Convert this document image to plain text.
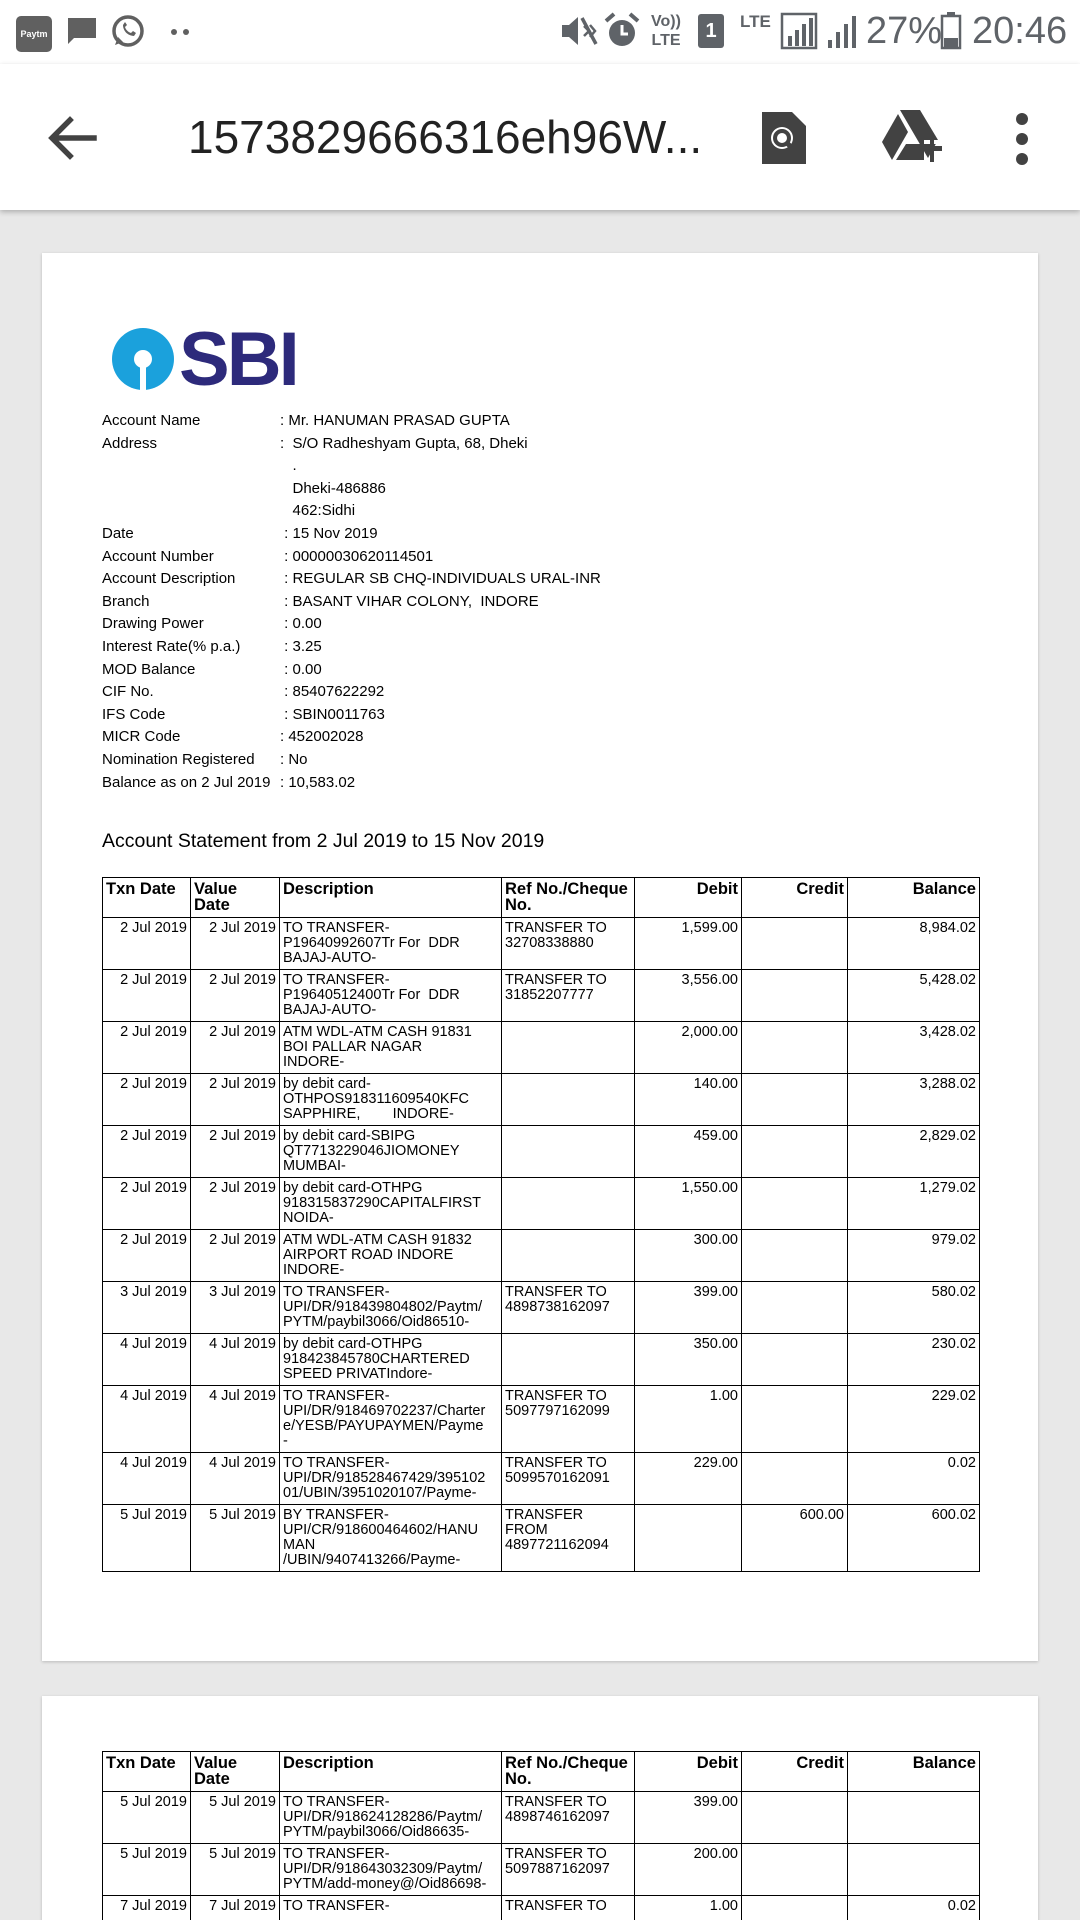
Paytm
Vo)) LTE	1	LTE	27% 20:46
1573829666316eh96W...
SBI
Account Name	: Mr. HANUMAN PRASAD GUPTA
Address	:  S/O Radheshyam Gupta, 68, Dheki
.
Dheki-486886
462:Sidhi
Date	: 15 Nov 2019
Account Number	: 00000030620114501
Account Description	: REGULAR SB CHQ-INDIVIDUALS URAL-INR
Branch	: BASANT VIHAR COLONY,  INDORE
Drawing Power	: 0.00
Interest Rate(% p.a.)	: 3.25
MOD Balance	: 0.00
CIF No.	: 85407622292
IFS Code	: SBIN0011763
MICR Code	: 452002028
Nomination Registered : No
Balance as on 2 Jul 2019 : 10,583.02
Account Statement from 2 Jul 2019 to 15 Nov 2019
Txn Date	Value Date	Description	Ref No./Cheque No.	Debit	Credit	Balance
2 Jul 2019	2 Jul 2019	TO TRANSFER-
P19640992607Tr For  DDR
BAJAJ-AUTO-	TRANSFER TO
32708338880	1,599.00		8,984.02
2 Jul 2019	2 Jul 2019	TO TRANSFER-
P19640512400Tr For  DDR
BAJAJ-AUTO-	TRANSFER TO
31852207777	3,556.00		5,428.02
2 Jul 2019	2 Jul 2019	ATM WDL-ATM CASH 91831
BOI PALLAR NAGAR
INDORE-		2,000.00		3,428.02
2 Jul 2019	2 Jul 2019	by debit card-
OTHPOS918311609540KFC
SAPPHIRE,        INDORE-		140.00		3,288.02
2 Jul 2019	2 Jul 2019	by debit card-SBIPG
QT7713229046JIOMONEY
MUMBAI-		459.00		2,829.02
2 Jul 2019	2 Jul 2019	by debit card-OTHPG
918315837290CAPITALFIRST
NOIDA-		1,550.00		1,279.02
2 Jul 2019	2 Jul 2019	ATM WDL-ATM CASH 91832
AIRPORT ROAD INDORE
INDORE-		300.00		979.02
3 Jul 2019	3 Jul 2019	TO TRANSFER-
UPI/DR/918439804802/Paytm/
PYTM/paybil3066/Oid86510-	TRANSFER TO
4898738162097	399.00		580.02
4 Jul 2019	4 Jul 2019	by debit card-OTHPG
918423845780CHARTERED
SPEED PRIVATIndore-		350.00		230.02
4 Jul 2019	4 Jul 2019	TO TRANSFER-
UPI/DR/918469702237/Charter
e/YESB/PAYUPAYMEN/Payme
-	TRANSFER TO
5097797162099	1.00		229.02
4 Jul 2019	4 Jul 2019	TO TRANSFER-
UPI/DR/918528467429/395102
01/UBIN/3951020107/Payme-	TRANSFER TO
5099570162091	229.00		0.02
5 Jul 2019	5 Jul 2019	BY TRANSFER-
UPI/CR/918600464602/HANU
MAN
/UBIN/9407413266/Payme-	TRANSFER
FROM
4897721162094		600.00	600.02
Txn Date	Value Date	Description	Ref No./Cheque No.	Debit	Credit	Balance
5 Jul 2019	5 Jul 2019	TO TRANSFER-
UPI/DR/918624128286/Paytm/
PYTM/paybil3066/Oid86635-	TRANSFER TO
4898746162097	399.00		
5 Jul 2019	5 Jul 2019	TO TRANSFER-
UPI/DR/918643032309/Paytm/
PYTM/add-money@/Oid86698-	TRANSFER TO
5097887162097	200.00		
7 Jul 2019	7 Jul 2019	TO TRANSFER-	TRANSFER TO	1.00		0.02
